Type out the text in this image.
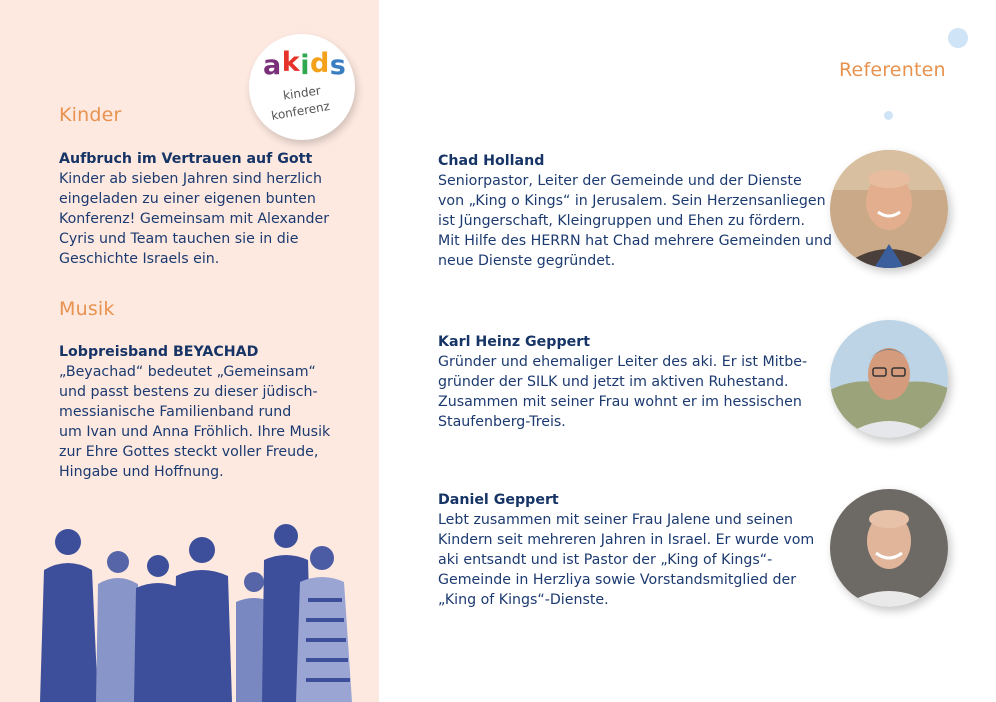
akids
kinder
konferenz
Kinder
Aufbruch im Vertrauen auf Gott
Kinder ab sieben Jahren sind herzlich
eingeladen zu einer eigenen bunten
Konferenz! Gemeinsam mit Alexander
Cyris und Team tauchen sie in die
Geschichte Israels ein.
Musik
Lobpreisband BEYACHAD
„Beyachad“ bedeutet „Gemeinsam“
und passt bestens zu dieser jüdisch-
messianische Familienband rund
um Ivan und Anna Fröhlich. Ihre Musik
zur Ehre Gottes steckt voller Freude,
Hingabe und Hoffnung.
Referenten
Chad Holland
Seniorpastor, Leiter der Gemeinde und der Dienste
von „King o Kings“ in Jerusalem. Sein Herzensanliegen
ist Jüngerschaft, Kleingruppen und Ehen zu fördern.
Mit Hilfe des HERRN hat Chad mehrere Gemeinden und
neue Dienste gegründet.
Karl Heinz Geppert
Gründer und ehemaliger Leiter des aki. Er ist Mitbe-
gründer der SILK und jetzt im aktiven Ruhestand.
Zusammen mit seiner Frau wohnt er im hessischen
Staufenberg-Treis.
Daniel Geppert
Lebt zusammen mit seiner Frau Jalene und seinen
Kindern seit mehreren Jahren in Israel. Er wurde vom
aki entsandt und ist Pastor der „King of Kings“-
Gemeinde in Herzliya sowie Vorstandsmitglied der
„King of Kings“-Dienste.
